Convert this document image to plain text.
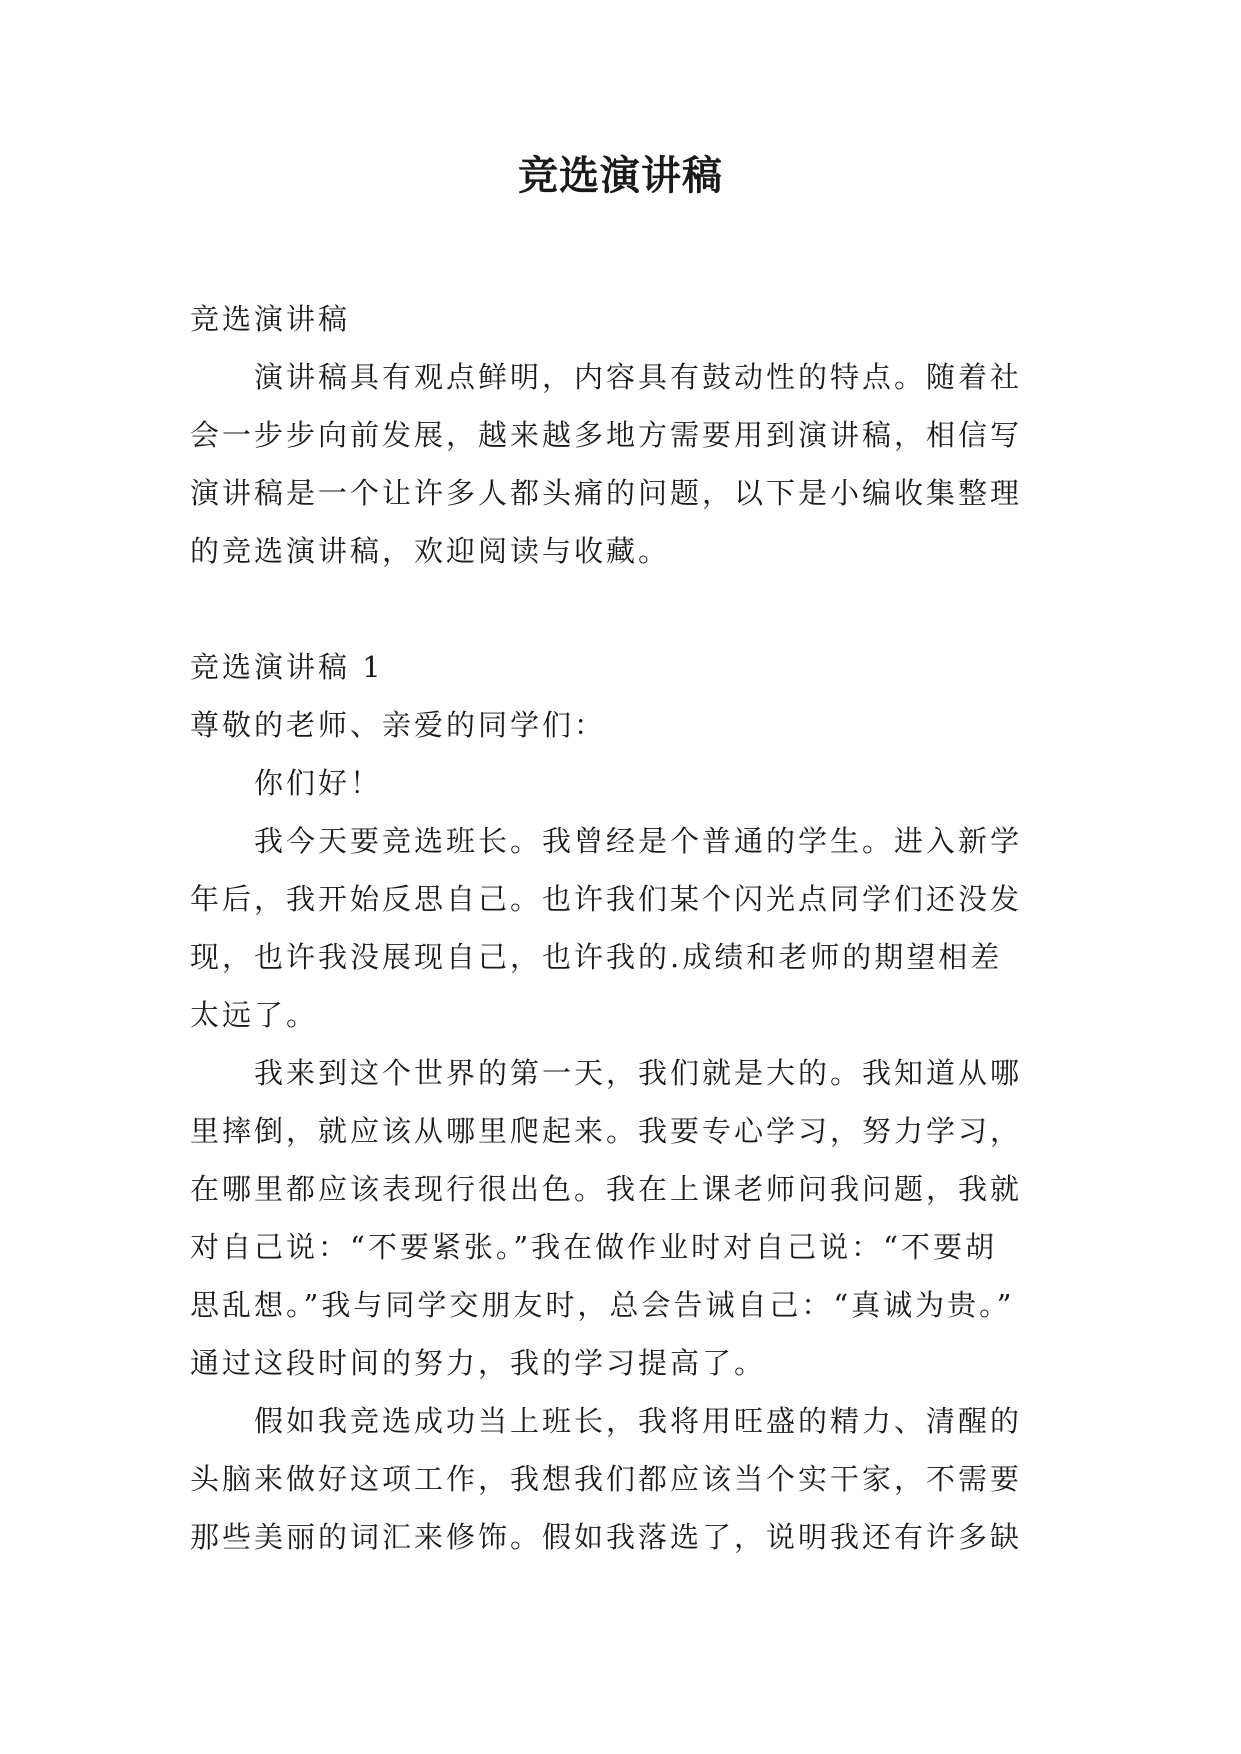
竞选演讲稿
竞选演讲稿
演讲稿具有观点鲜明，内容具有鼓动性的特点。随着社
会一步步向前发展，越来越多地方需要用到演讲稿，相信写
演讲稿是一个让许多人都头痛的问题，以下是小编收集整理
的竞选演讲稿，欢迎阅读与收藏。
竞选演讲稿 1
尊敬的老师、亲爱的同学们：
你们好！
我今天要竞选班长。我曾经是个普通的学生。进入新学
年后，我开始反思自己。也许我们某个闪光点同学们还没发
现，也许我没展现自己，也许我的.成绩和老师的期望相差
太远了。
我来到这个世界的第一天，我们就是大的。我知道从哪
里摔倒，就应该从哪里爬起来。我要专心学习，努力学习，
在哪里都应该表现行很出色。我在上课老师问我问题，我就
对自己说：“不要紧张。”我在做作业时对自己说：“不要胡
思乱想。”我与同学交朋友时，总会告诫自己：“真诚为贵。”
通过这段时间的努力，我的学习提高了。
假如我竞选成功当上班长，我将用旺盛的精力、清醒的
头脑来做好这项工作，我想我们都应该当个实干家，不需要
那些美丽的词汇来修饰。假如我落选了，说明我还有许多缺
